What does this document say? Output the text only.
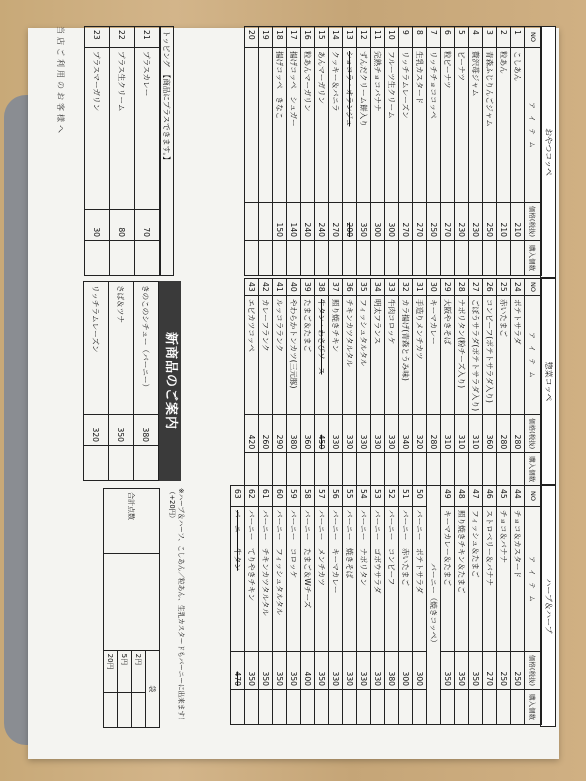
おやつコッペ
惣菜コッペ
ハーブ＆ハーブ
NO	ア　イ　テ　ム	価格(税抜)	購入個数
1	こしあん	210	
2	粒あん	210	
3	青森ふじりんごジャム	250	
4	贅沢苺ジャム	230	
5	ピーナツ	230	
6	粒ピーナツ	270	
7	リッチチョココッペ	250	
8	生乳カスタード	270	
9	リッチラムレーズン	270	
10	フルーツ生クリーム	300	
11	完熟チョコバナナ	300	
12	ずんだクリーム餅入り	350	
13	ショコラ・オランジュ	200	
14	クッキー＆バニラ	270	
15	あんマーガリン	240	
16	粒あんマーガリン	240	
17	揚げコッペ　シュガー	140	
18	揚げコッペ　きなこ	150	
19			
20			
NO	ア　イ　テ　ム	価格(税抜)	購入個数
24	ポテトサラダ	280	
25	赤いたまご	280	
26	コンビーフ(ポテトサラダ入り)	360	
27	ごぼうサラダ(ポテトサラダ入り)	310	
28	ナポリタン(粉チーズ入り)	310	
29	大阪やきそば	310	
30	キーマカレー	280	
31	手造りメンチカツ	320	
32	カラ揚げ(青森とうみ味)	340	
33	牛肉コロッケ	330	
34	明太フランス	330	
35	フィッシュタルタル	330	
36	チキンカツタルタル	330	
37	照り焼きチキン	330	
38	牛タン・わさびソース	450	
39	たまご＆たまご	360	
40	やわらかトンカツ(三元豚)	380	
41	ルッコラランク	290	
42	カレーフランク	260	
43	エビカツコッペ	420	
NO	ア　イ　テ　ム	価格(税抜)	購入個数
44	チョコ＆カスタード	250	
45	チョコ＆バナナ	250	
46	ストロベリー＆バナナ	270	
47	フィッシュ＆たまご	350	
48	照り焼きチキン＆たまご	350	
49	キーマカレー＆たまご	350	
バーニー（焼きコッペ）			
50	バーニー　ポテトサラダ	300	
51	バーニー　赤いたまご	300	
52	バーニー　コンビーフ	380	
53	バーニー　ゴボウサラダ	330	
54	バーニー　ナポリタン	330	
55	バーニー　焼きそば	330	
56	バーニー　キーマカレー	330	
57	バーニー　メンチカツ	350	
58	バーニー　たまご＆Wチーズ	400	
59	バーニー　コロッケ	350	
60	バーニー　フィッシュタルタル	350	
61	バーニー　チキンカツタルタル	350	
62	バーニー　てりやきチキン	350	
63	バーニー　牛タン	470	
トッピング　【商品にプラスできます。】
21	プラスカレー	70	
22	プラス生クリーム	80	
23	プラスマーガリン	30	
新商品のご案内
きのこのシチュー（バーニー）	380	
さば＆ツナ	350	
リッチラムレーズン	320	
※ハーブ＆ハーフ、こしあん／粒あん、生乳カスタードもバーニーに出来ます！（+20円）
合計点数		袋	
		2円	
		5円	
		20円	
当店ご利用のお客様へ
